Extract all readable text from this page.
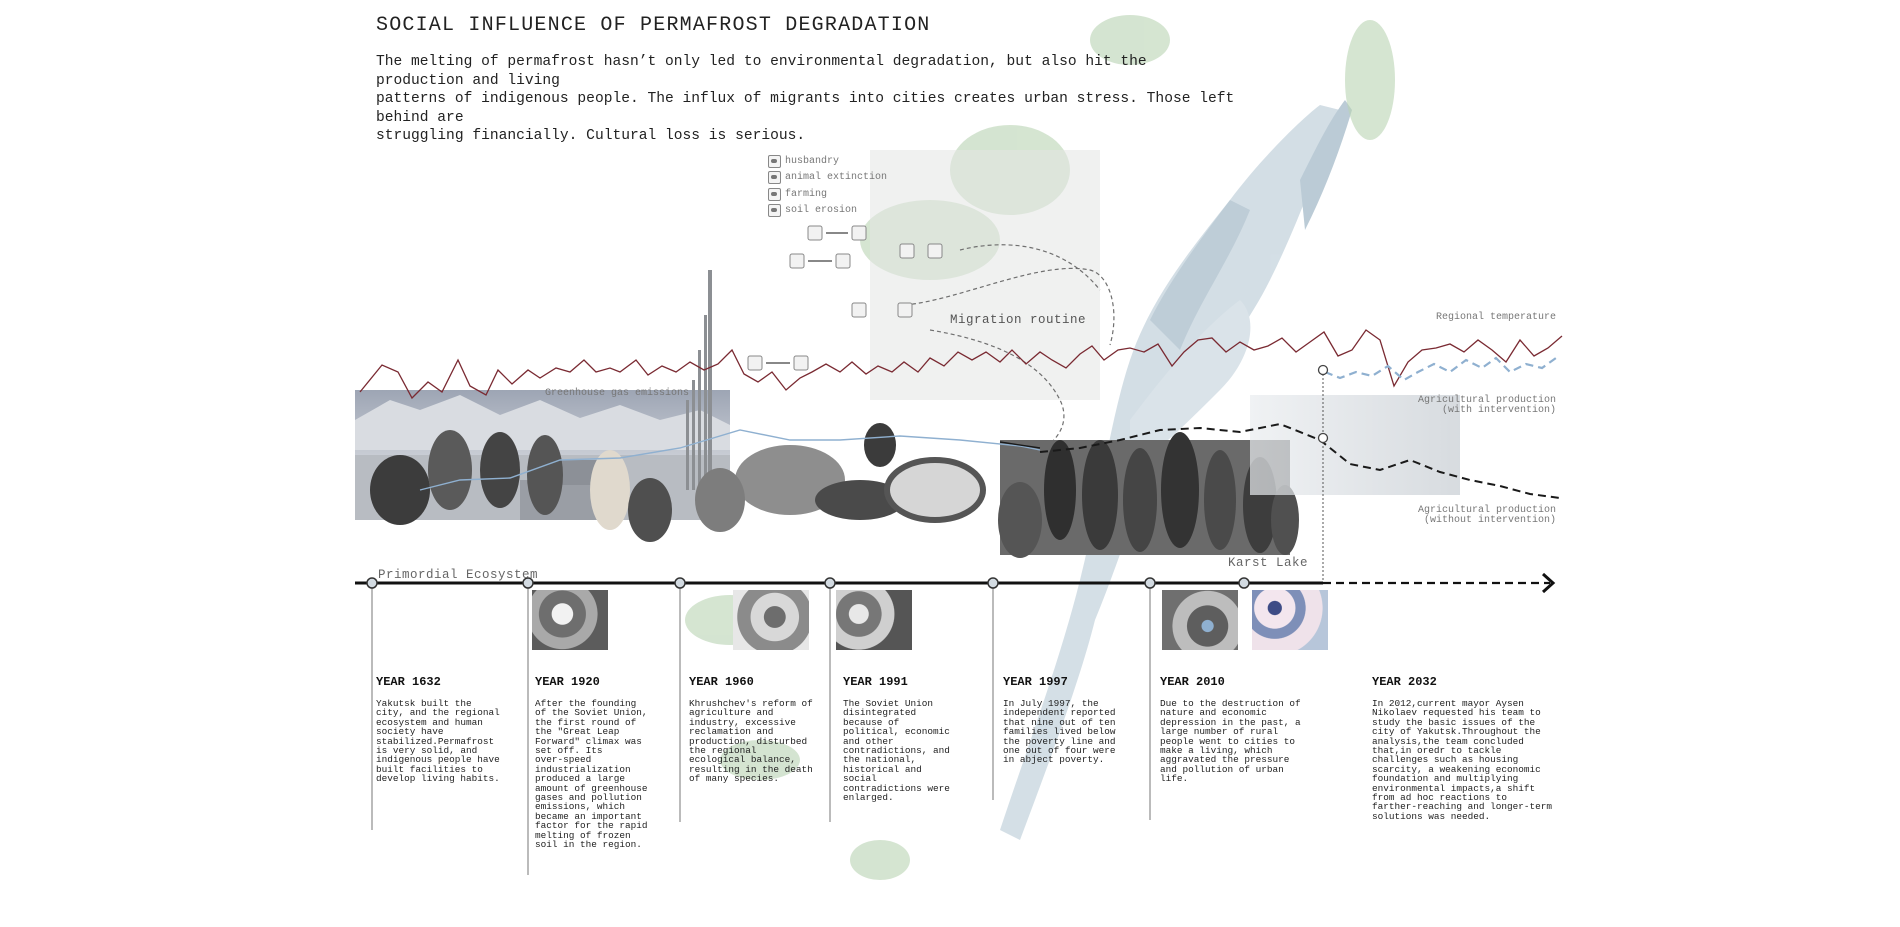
SOCIAL INFLUENCE OF PERMAFROST DEGRADATION
The melting of permafrost hasn’t only led to environmental degradation, but also hit the production and living
patterns of indigenous people. The influx of migrants into cities creates urban stress. Those left behind are
struggling financially. Cultural loss is serious.
husbandry
animal extinction
farming
soil erosion
Greenhouse gas emissions
Migration routine	Regional temperature
Agricultural production
(with intervention)
Agricultural production
(without intervention)
Primordial Ecosystem
Karst Lake
YEAR 1632
Yakutsk built the
city, and the regional
ecosystem and human
society have
stabilized.Permafrost
is very solid, and
indigenous people have
built facilities to
develop living habits.
YEAR 1920
After the founding
of the Soviet Union,
the first round of
the "Great Leap
Forward" climax was
set off. Its
over-speed
industrialization
produced a large
amount of greenhouse
gases and pollution
emissions, which
became an important
factor for the rapid
melting of frozen
soil in the region.
YEAR 1960
Khrushchev's reform of
agriculture and
industry, excessive
reclamation and
production, disturbed
the regional
ecological balance,
resulting in the death
of many species.
YEAR 1991
The Soviet Union
disintegrated
because of
political, economic
and other
contradictions, and
the national,
historical and
social
contradictions were
enlarged.
YEAR 1997
In July 1997, the
independent reported
that nine out of ten
families lived below
the poverty line and
one out of four were
in abject poverty.
YEAR 2010
Due to the destruction of
nature and economic
depression in the past, a
large number of rural
people went to cities to
make a living, which
aggravated the pressure
and pollution of urban
life.
YEAR 2032
In 2012,current mayor Aysen
Nikolaev requested his team to
study the basic issues of the
city of Yakutsk.Throughout the
analysis,the team concluded
that,in oredr to tackle
challenges such as housing
scarcity, a weakening economic
foundation and multiplying
environmental impacts,a shift
from ad hoc reactions to
farther-reaching and longer-term
solutions was needed.
